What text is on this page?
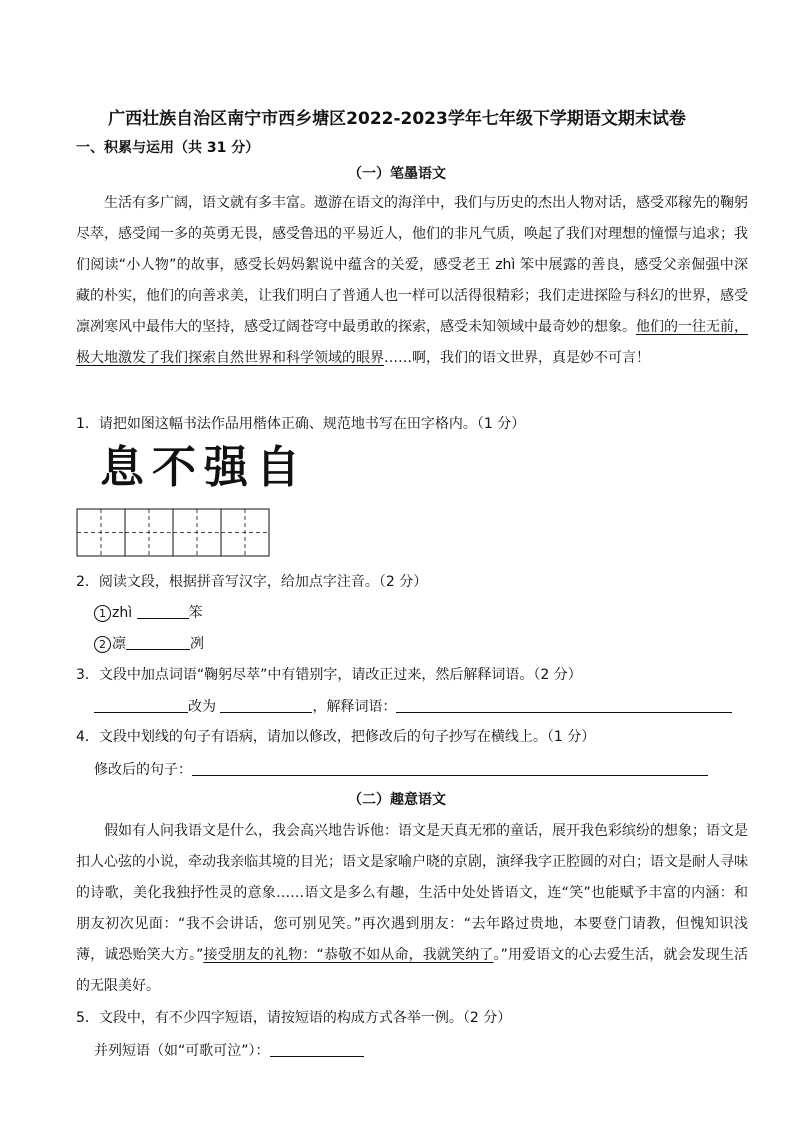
广西壮族自治区南宁市西乡塘区2022-2023学年七年级下学期语文期末试卷
一、积累与运用（共 31 分）
（一）笔墨语文

生活有多广阔，语文就有多丰富。遨游在语文的海洋中，我们与历史的杰出人物对话，感受邓稼先的鞠躬尽萃，感受闻一多的英勇无畏，感受鲁迅的平易近人，他们的非凡气质，唤起了我们对理想的憧憬与追求；我们阅读“小人物”的故事，感受长妈妈絮说中蕴含的关爱，感受老王 zhì 笨中展露的善良，感受父亲倔强中深藏的朴实，他们的向善求美，让我们明白了普通人也一样可以活得很精彩；我们走进探险与科幻的世界，感受凛冽寒风中最伟大的坚持，感受辽阔苍穹中最勇敢的探索，感受未知领域中最奇妙的想象。他们的一往无前，极大地激发了我们探索自然世界和科学领域的眼界……啊，我们的语文世界，真是妙不可言！

1．请把如图这幅书法作品用楷体正确、规范地书写在田字格内。（1 分）
息不强自
2．阅读文段，根据拼音写汉字，给加点字注音。（2 分）
1 zhì	笨
2 凛	冽
3．文段中加点词语“鞠躬尽萃”中有错别字，请改正过来，然后解释词语。（2 分）
改为	，解释词语：
4．文段中划线的句子有语病，请加以修改，把修改后的句子抄写在横线上。（1 分）
修改后的句子：
（二）趣意语文

假如有人问我语文是什么，我会高兴地告诉他：语文是天真无邪的童话，展开我色彩缤纷的想象；语文是扣人心弦的小说，牵动我亲临其境的目光；语文是家喻户晓的京剧，演绎我字正腔圆的对白；语文是耐人寻味的诗歌，美化我独抒性灵的意象……语文是多么有趣，生活中处处皆语文，连“笑”也能赋予丰富的内涵：和朋友初次见面：“我不会讲话，您可别见笑。”再次遇到朋友：“去年路过贵地，本要登门请教，但愧知识浅薄，诚恐贻笑大方。”接受朋友的礼物：“恭敬不如从命，我就笑纳了。”用爱语文的心去爱生活，就会发现生活的无限美好。

5．文段中，有不少四字短语，请按短语的构成方式各举一例。（2 分）
并列短语（如“可歌可泣”）：
